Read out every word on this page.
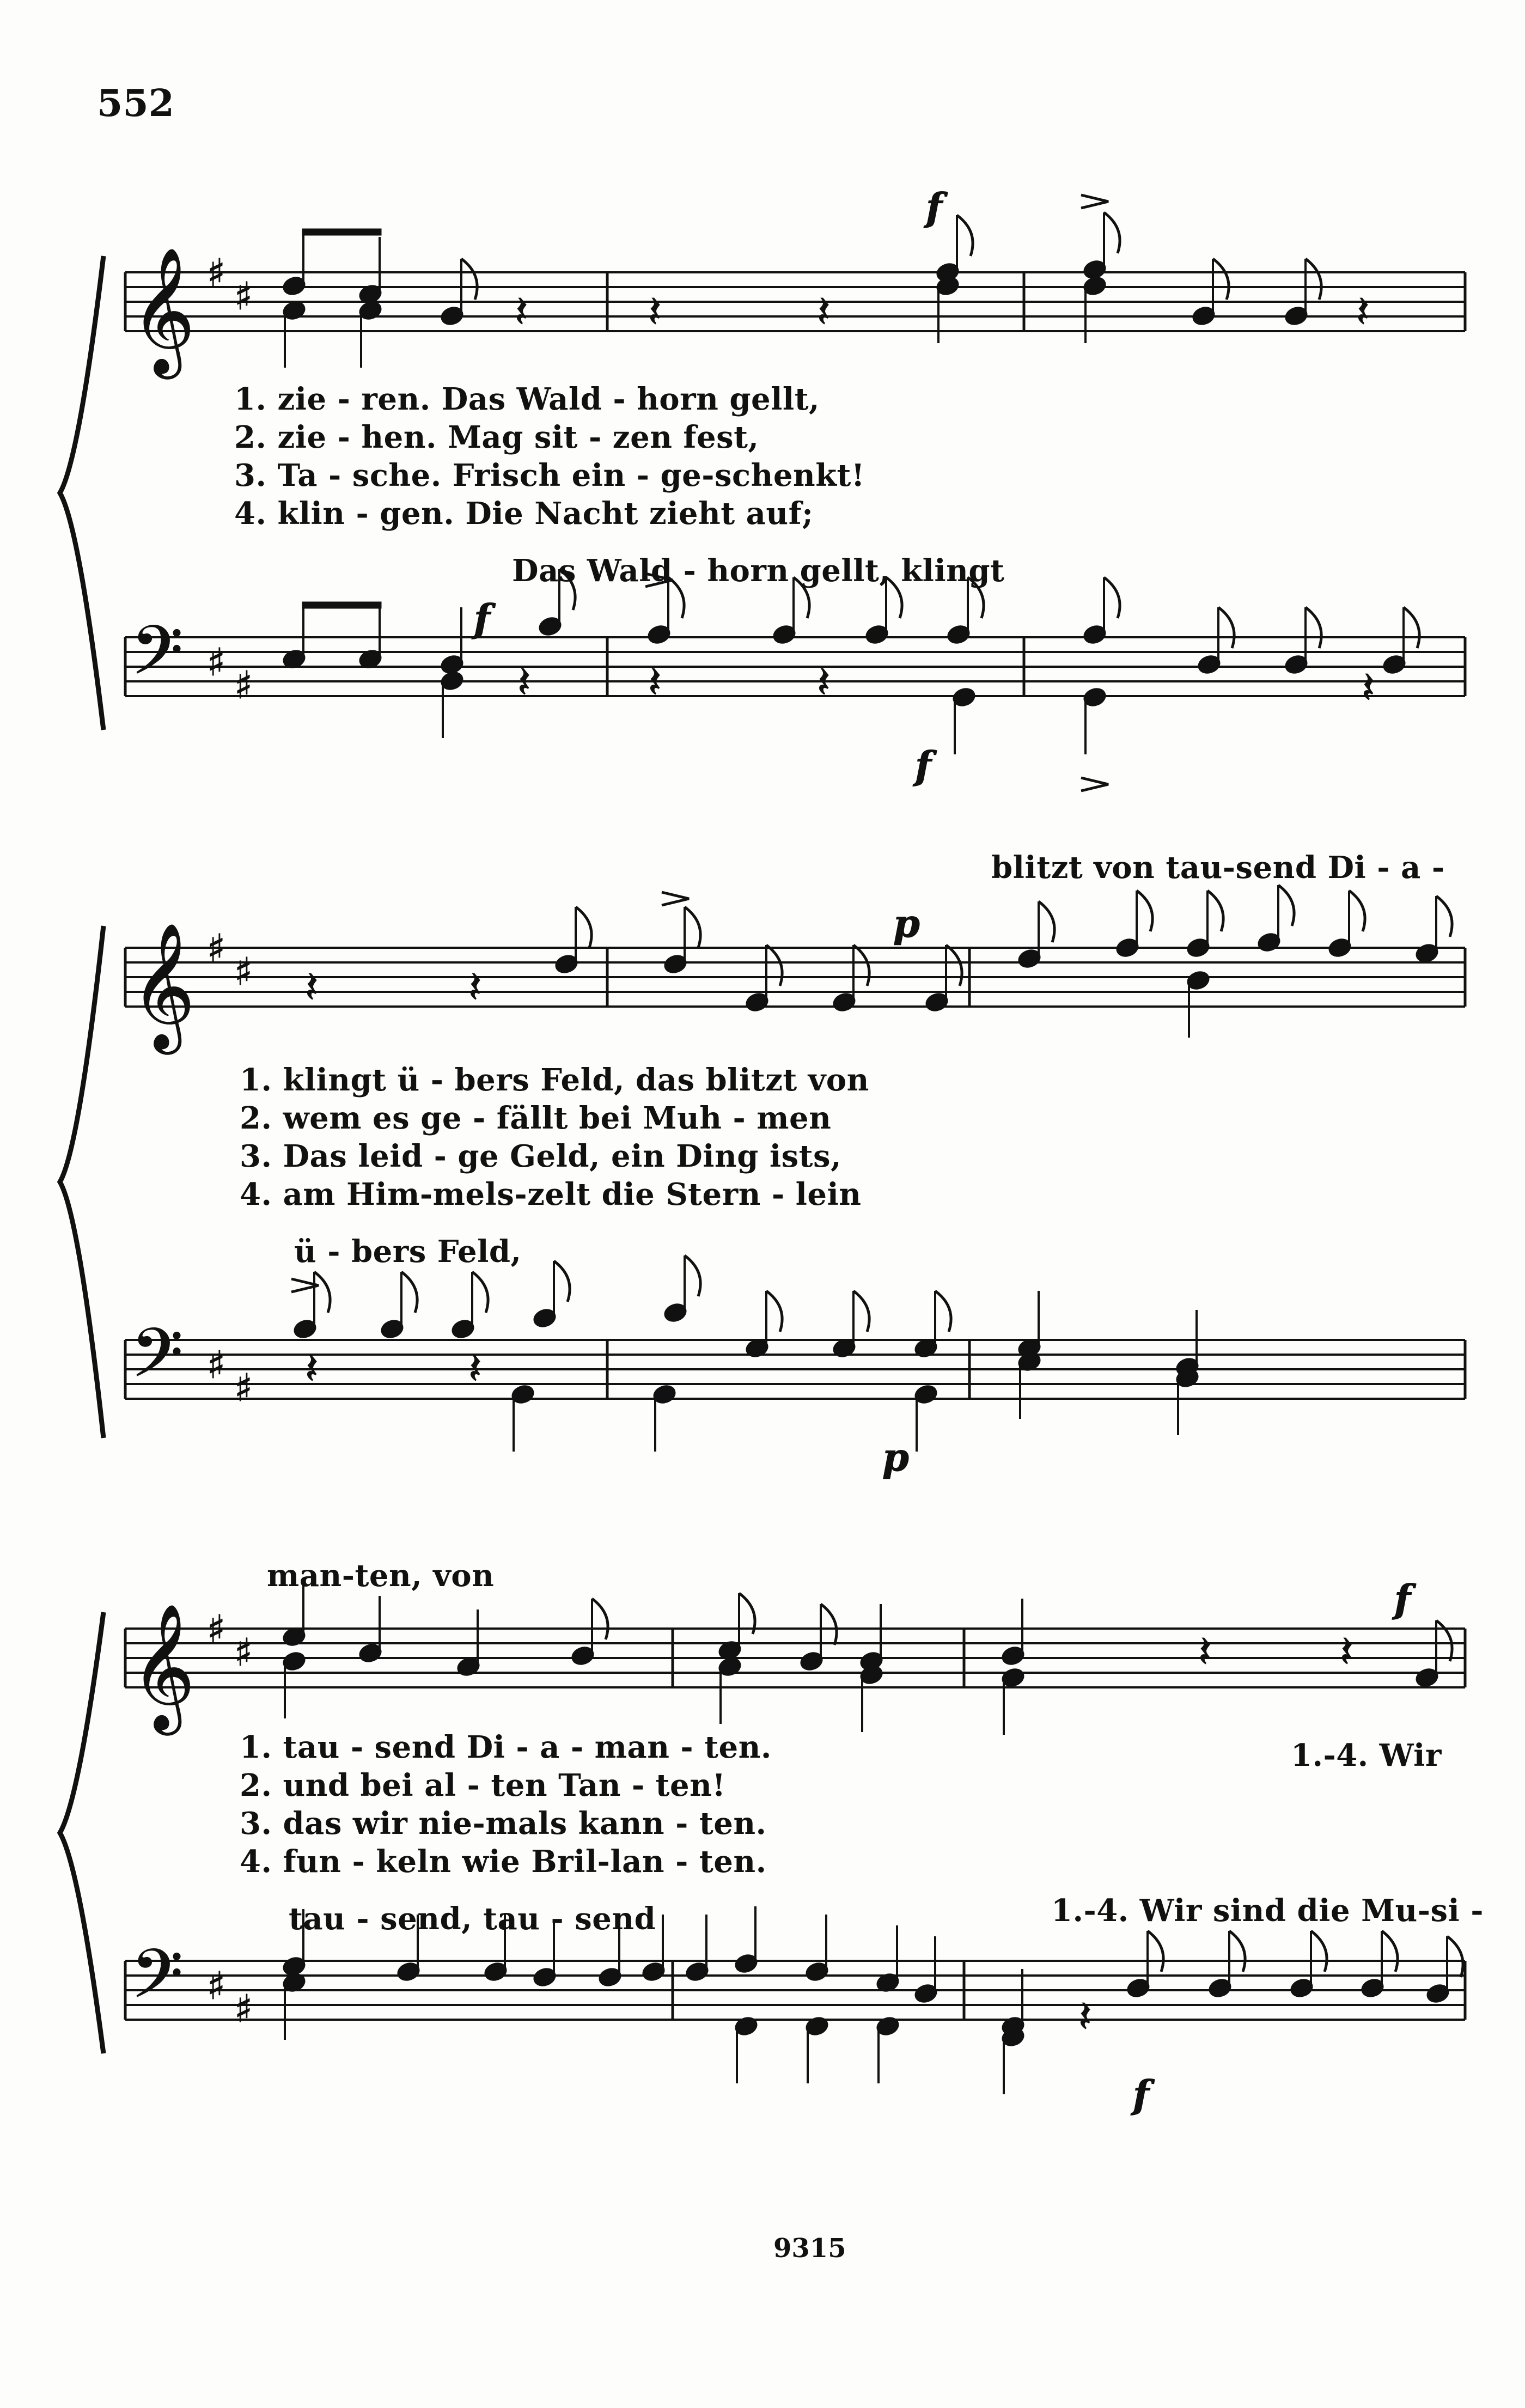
552
𝄞
𝄢
♯
♯
♯
♯
𝄞
𝄢
♯
♯
♯
♯
𝄞
𝄢
♯
♯
♯
♯
𝄽	𝄽	𝄽	𝄽
f
𝄽	𝄽	𝄽
f
𝄽
f
𝄽	𝄽
p
𝄽	𝄽
p
𝄽	𝄽
f
𝄽
f
1. zie - ren. Das Wald - horn gellt,
2. zie - hen. Mag sit - zen fest,
3. Ta - sche. Frisch ein - ge-schenkt!
4. klin - gen. Die Nacht zieht auf;
Das Wald - horn gellt, klingt
blitzt von tau-send Di - a -
1. klingt ü - bers Feld, das blitzt von
2. wem es ge - fällt bei Muh - men
3. Das leid - ge Geld, ein Ding ists,
4. am Him-mels-zelt die Stern - lein
ü - bers Feld,
man-ten, von
1. tau - send Di - a - man - ten.
2. und bei al - ten Tan - ten!
3. das wir nie-mals kann - ten.
4. fun - keln wie Bril-lan - ten.
1.-4. Wir
tau - send, tau - send	1.-4. Wir sind die Mu-si -
9315
